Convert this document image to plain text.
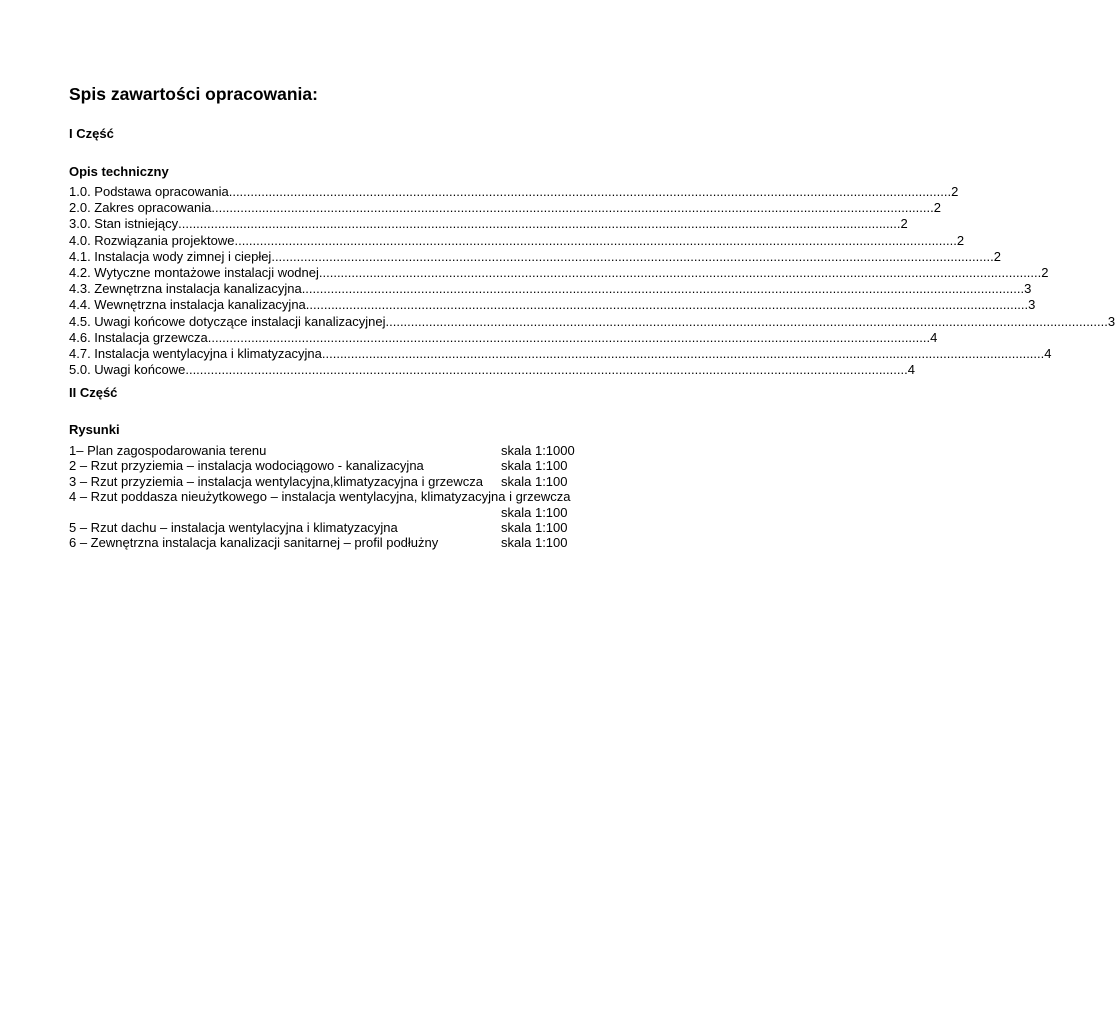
Spis zawartości opracowania:
I Część
Opis techniczny
1.0. Podstawa opracowania ........................................................................................................................................................................................................ 2
2.0. Zakres opracowania ........................................................................................................................................................................................................ 2
3.0. Stan istniejący ........................................................................................................................................................................................................ 2
4.0. Rozwiązania projektowe ........................................................................................................................................................................................................ 2
4.1. Instalacja wody zimnej i ciepłej ........................................................................................................................................................................................................ 2
4.2. Wytyczne montażowe instalacji wodnej ........................................................................................................................................................................................................ 2
4.3. Zewnętrzna instalacja kanalizacyjna ........................................................................................................................................................................................................ 3
4.4. Wewnętrzna instalacja kanalizacyjna ........................................................................................................................................................................................................ 3
4.5. Uwagi końcowe dotyczące instalacji kanalizacyjnej ........................................................................................................................................................................................................ 3
4.6. Instalacja grzewcza ........................................................................................................................................................................................................ 4
4.7. Instalacja wentylacyjna i klimatyzacyjna ........................................................................................................................................................................................................ 4
5.0. Uwagi końcowe ........................................................................................................................................................................................................ 4
II Część
Rysunki
1– Plan zagospodarowania terenu	skala 1:1000
2 – Rzut przyziemia – instalacja wodociągowo - kanalizacyjna	skala 1:100
3 – Rzut przyziemia – instalacja wentylacyjna,klimatyzacyjna i grzewcza skala 1:100
4 – Rzut poddasza nieużytkowego – instalacja wentylacyjna, klimatyzacyjna i grzewcza
skala 1:100
5 – Rzut dachu – instalacja wentylacyjna i klimatyzacyjna	skala 1:100
6 – Zewnętrzna instalacja kanalizacji sanitarnej – profil podłużny	skala 1:100
